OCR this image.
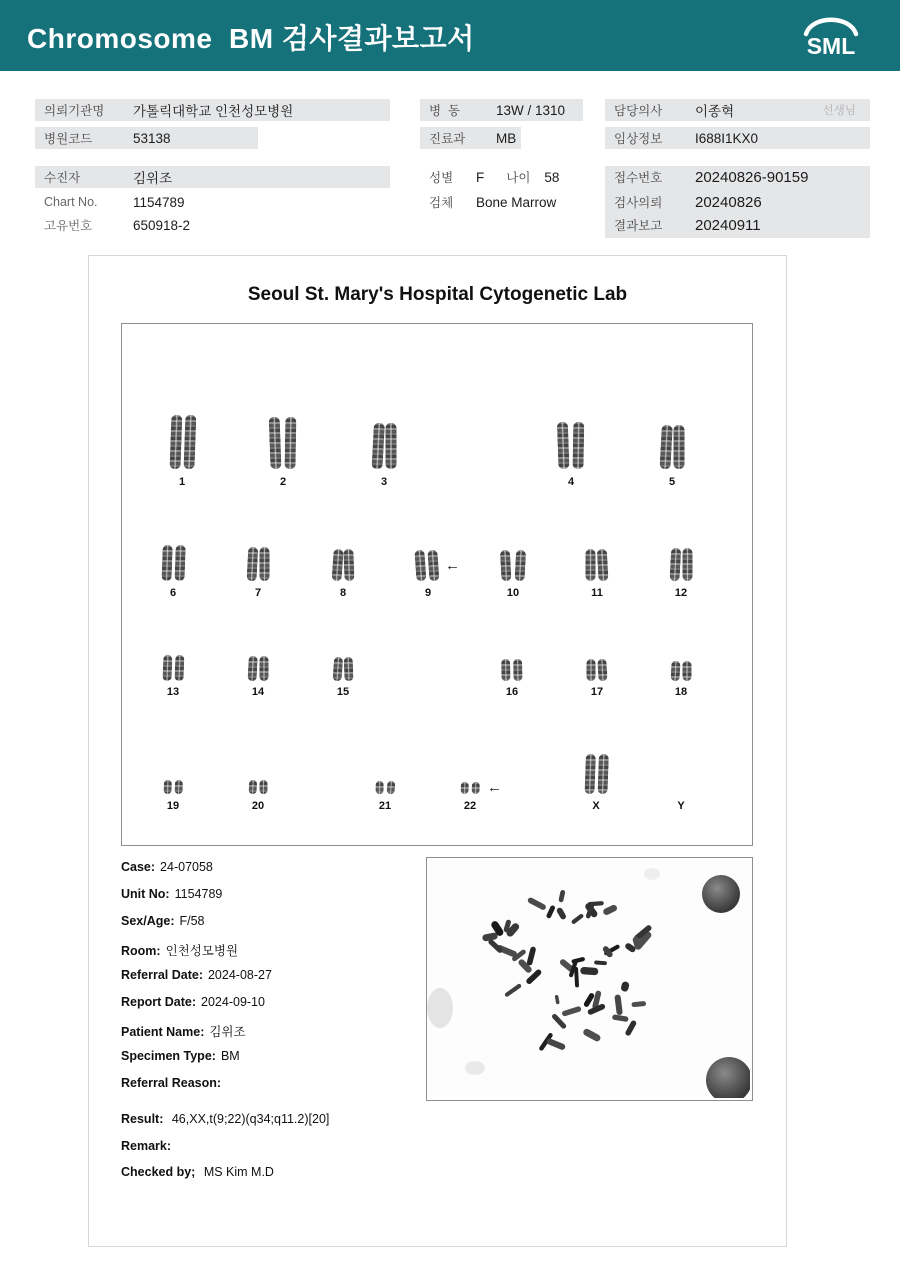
Chromosome  BM 검사결과보고서	SML
의뢰기관명	가톨릭대학교 인천성모병원
병원코드	53138
수진자	김위조
Chart No.	1154789
고유번호	650918-2
병  동	13W / 1310
진료과	MB
성별	F 나이 58
검체	Bone Marrow
담당의사	이종혁	선생님
임상정보	I688I1KX0
접수번호	20240826-90159
검사의뢰	20240826
결과보고	20240911
Seoul St. Mary's Hospital Cytogenetic Lab
1	2	3	4	5
6	7	8
←
9	10	11	12
13	14	15	16	17	18
19	20	21
←
22	X	Y
Case: 24-07058
Unit No: 1154789
Sex/Age: F/58
Room: 인천성모병원
Referral Date: 2024-08-27
Report Date: 2024-09-10
Patient Name: 김위조
Specimen Type: BM
Referral Reason:
Result: 46,XX,t(9;22)(q34;q11.2)[20]
Remark:
Checked by; MS Kim M.D
